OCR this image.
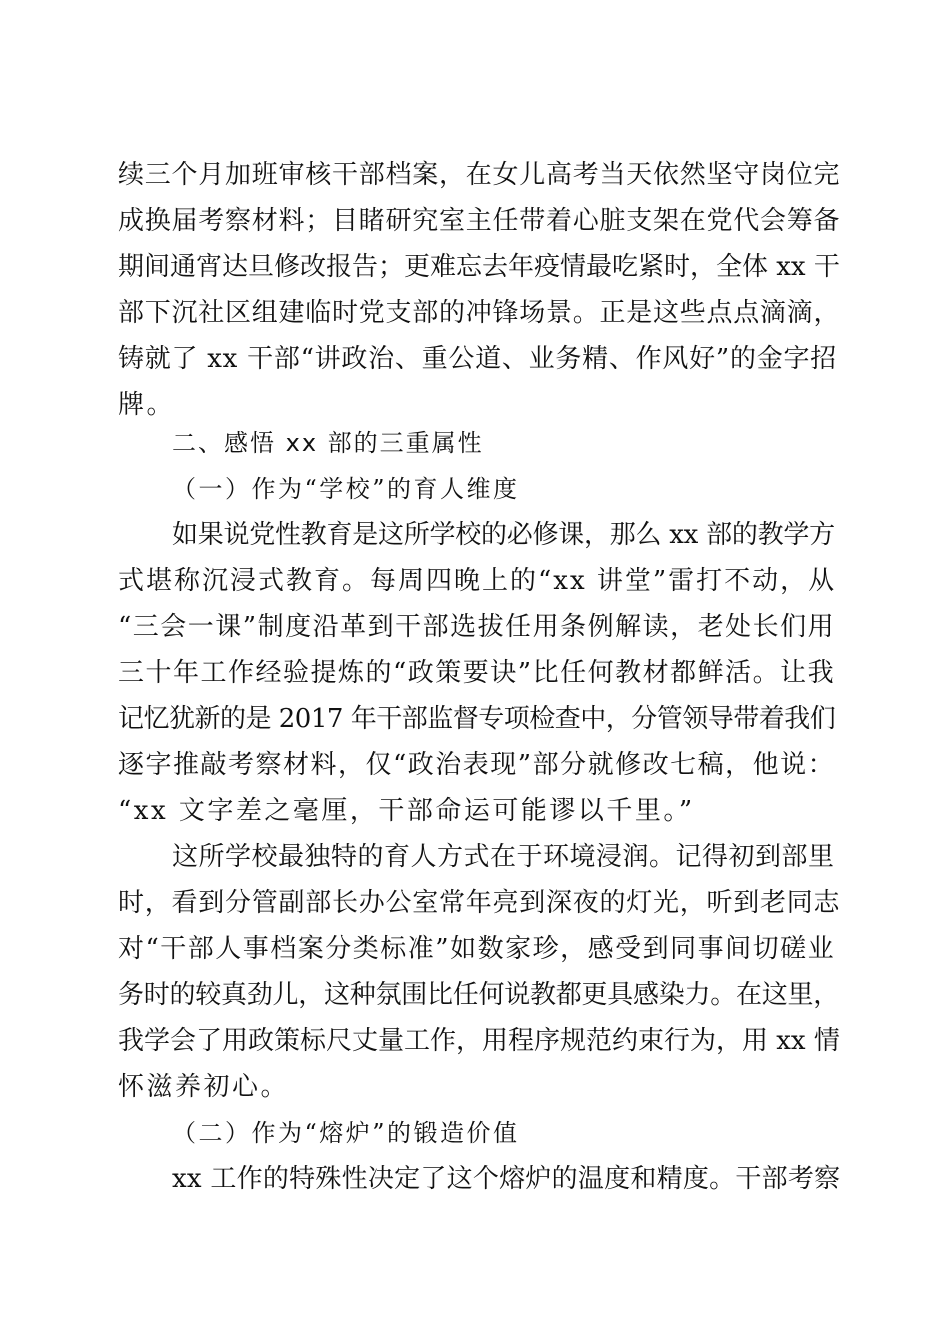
续三个月加班审核干部档案，在女儿高考当天依然坚守岗位完
成换届考察材料；目睹研究室主任带着心脏支架在党代会筹备
期间通宵达旦修改报告；更难忘去年疫情最吃紧时，全体 xx 干
部下沉社区组建临时党支部的冲锋场景。正是这些点点滴滴，
铸就了 xx 干部“讲政治、重公道、业务精、作风好”的金字招
牌。
二、感悟 xx 部的三重属性
（一）作为“学校”的育人维度
如果说党性教育是这所学校的必修课，那么 xx 部的教学方
式堪称沉浸式教育。每周四晚上的“xx 讲堂”雷打不动，从
“三会一课”制度沿革到干部选拔任用条例解读，老处长们用
三十年工作经验提炼的“政策要诀”比任何教材都鲜活。让我
记忆犹新的是 2017 年干部监督专项检查中，分管领导带着我们
逐字推敲考察材料，仅“政治表现”部分就修改七稿，他说：
“xx 文字差之毫厘，干部命运可能谬以千里。”
这所学校最独特的育人方式在于环境浸润。记得初到部里
时，看到分管副部长办公室常年亮到深夜的灯光，听到老同志
对“干部人事档案分类标准”如数家珍，感受到同事间切磋业
务时的较真劲儿，这种氛围比任何说教都更具感染力。在这里，
我学会了用政策标尺丈量工作，用程序规范约束行为，用 xx 情
怀滋养初心。
（二）作为“熔炉”的锻造价值
xx 工作的特殊性决定了这个熔炉的温度和精度。干部考察
